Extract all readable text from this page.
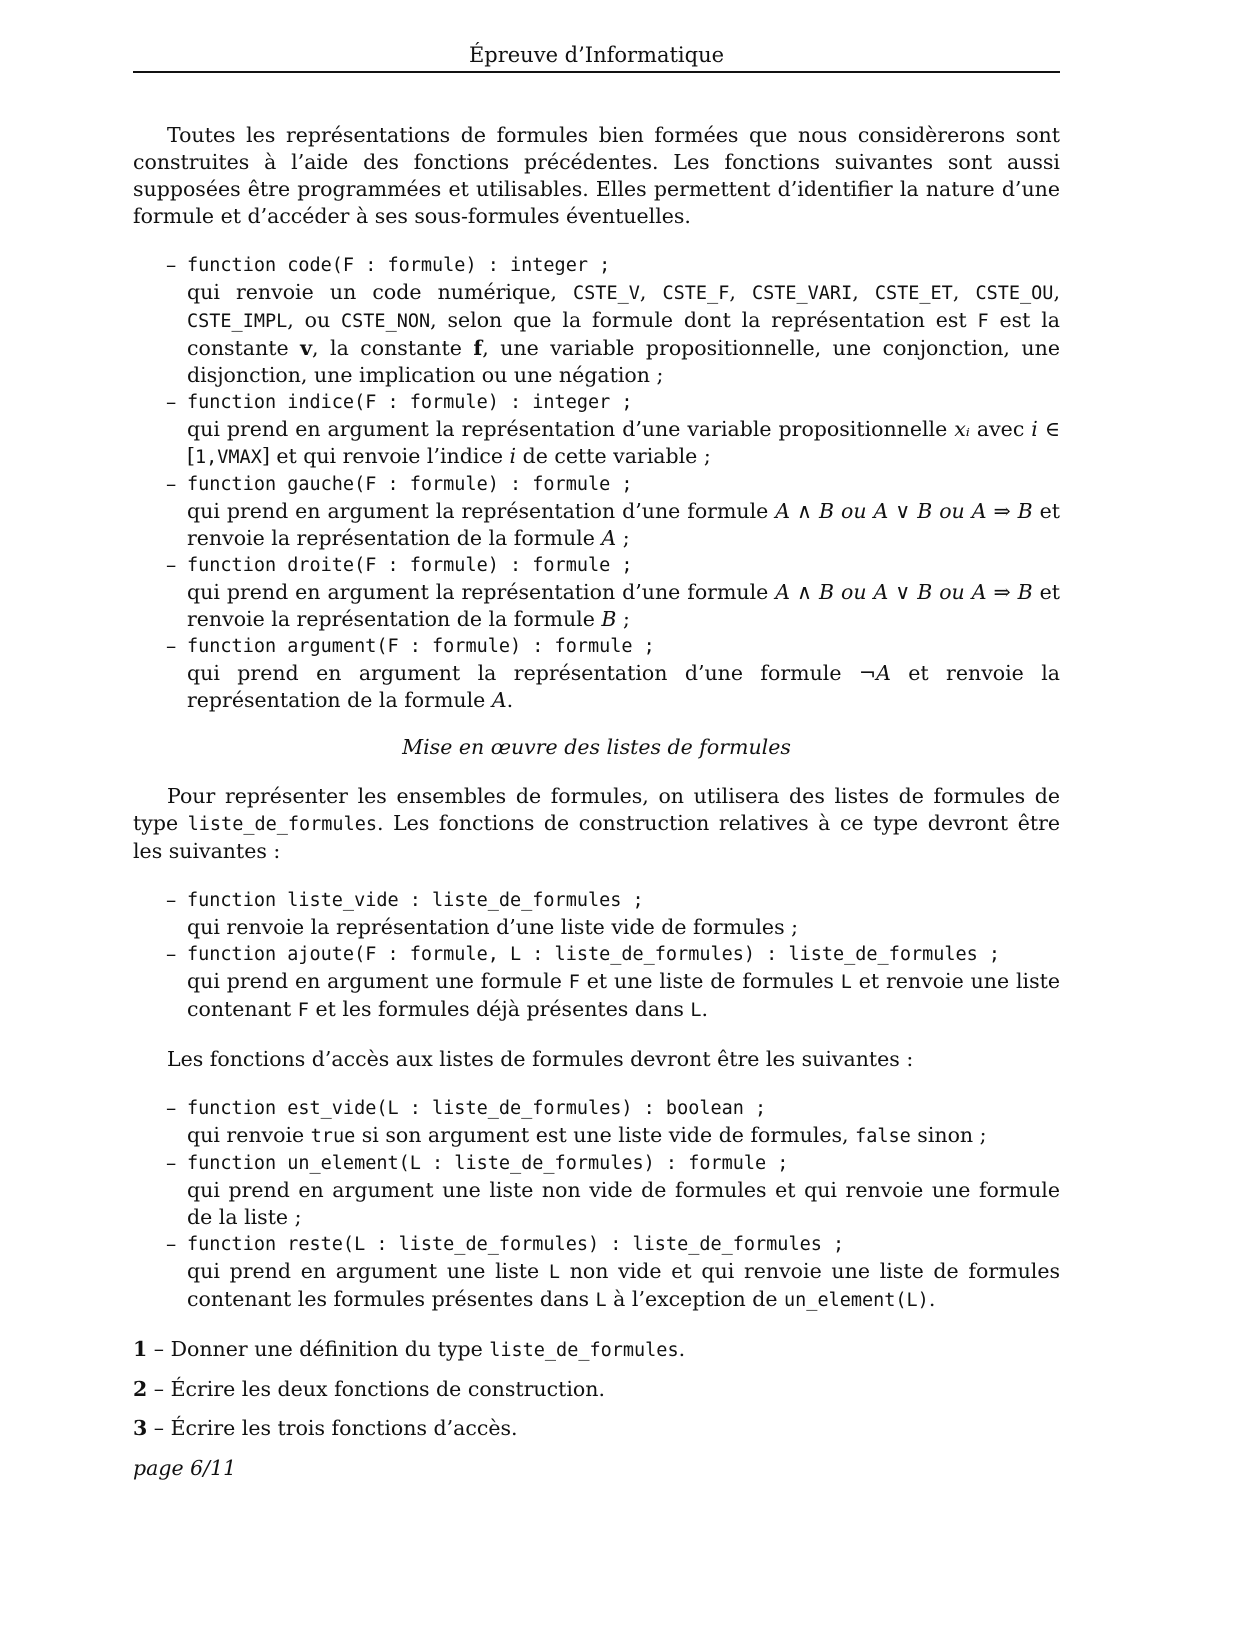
Épreuve d’Informatique

Toutes les représentations de formules bien formées que nous considèrerons sont construites à l’aide des fonctions précédentes. Les fonctions suivantes sont aussi supposées être programmées et utilisables. Elles permettent d’identifier la nature d’une formule et d’accéder à ses sous-formules éventuelles.

– function code(F : formule) : integer ;
qui renvoie un code numérique, CSTE_V, CSTE_F, CSTE_VARI, CSTE_ET, CSTE_OU, CSTE_IMPL, ou CSTE_NON, selon que la formule dont la représentation est F est la constante v, la constante f, une variable propositionnelle, une conjonction, une disjonction, une implication ou une négation ;
– function indice(F : formule) : integer ;
qui prend en argument la représentation d’une variable propositionnelle xᵢ avec i ∈ [1,VMAX] et qui renvoie l’indice i de cette variable ;
– function gauche(F : formule) : formule ;
qui prend en argument la représentation d’une formule A ∧ B ou A ∨ B ou A ⇒ B et renvoie la représentation de la formule A ;
– function droite(F : formule) : formule ;
qui prend en argument la représentation d’une formule A ∧ B ou A ∨ B ou A ⇒ B et renvoie la représentation de la formule B ;
– function argument(F : formule) : formule ;
qui prend en argument la représentation d’une formule ¬A et renvoie la représentation de la formule A.

Mise en œuvre des listes de formules

Pour représenter les ensembles de formules, on utilisera des listes de formules de type liste_de_formules. Les fonctions de construction relatives à ce type devront être les suivantes :

– function liste_vide : liste_de_formules ;
qui renvoie la représentation d’une liste vide de formules ;
– function ajoute(F : formule, L : liste_de_formules) : liste_de_formules ;
qui prend en argument une formule F et une liste de formules L et renvoie une liste contenant F et les formules déjà présentes dans L.

Les fonctions d’accès aux listes de formules devront être les suivantes :

– function est_vide(L : liste_de_formules) : boolean ;
qui renvoie true si son argument est une liste vide de formules, false sinon ;
– function un_element(L : liste_de_formules) : formule ;
qui prend en argument une liste non vide de formules et qui renvoie une formule de la liste ;
– function reste(L : liste_de_formules) : liste_de_formules ;
qui prend en argument une liste L non vide et qui renvoie une liste de formules contenant les formules présentes dans L à l’exception de un_element(L).

1 – Donner une définition du type liste_de_formules.

2 – Écrire les deux fonctions de construction.

3 – Écrire les trois fonctions d’accès.

page 6/11
